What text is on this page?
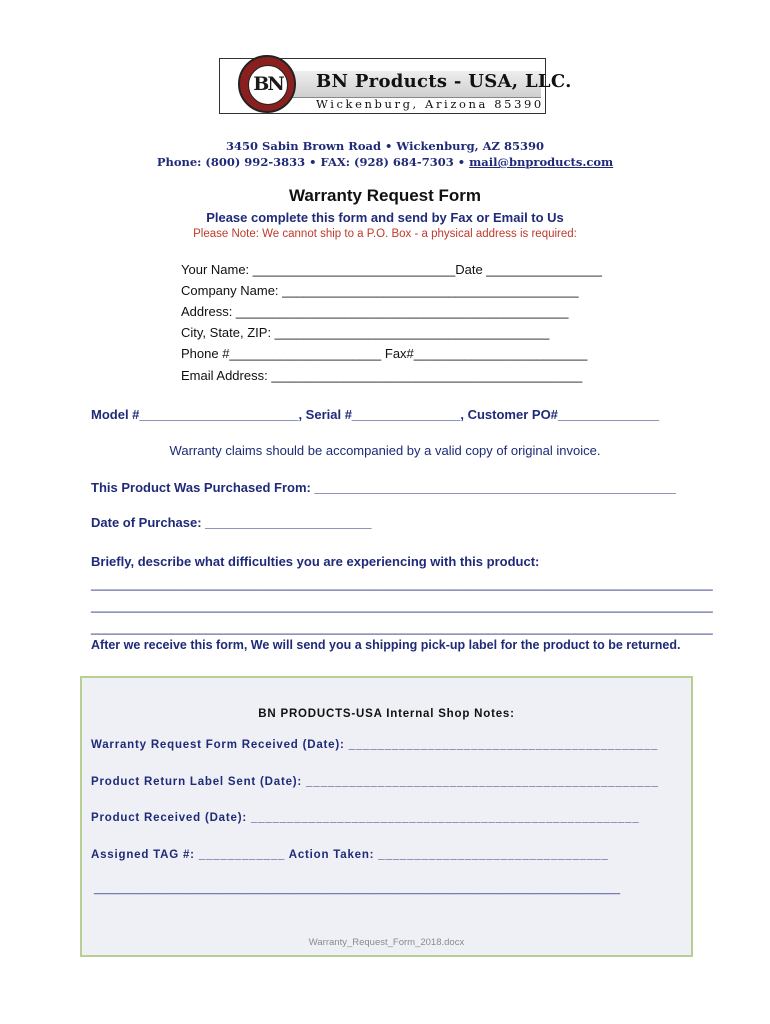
BN BN Products - USA, LLC.
Wickenburg, Arizona 85390
3450 Sabin Brown Road • Wickenburg, AZ 85390
Phone: (800) 992-3833 • FAX: (928) 684-7303 • mail@bnproducts.com
Warranty Request Form
Please complete this form and send by Fax or Email to Us
Please Note: We cannot ship to a P.O. Box - a physical address is required:
Your Name: ____________________________Date ________________
Company Name: _________________________________________
Address: ______________________________________________
City, State, ZIP: ______________________________________
Phone #_____________________ Fax#________________________
Email Address: ___________________________________________
Model #______________________, Serial #_______________, Customer PO#______________
Warranty claims should be accompanied by a valid copy of original invoice.
This Product Was Purchased From: __________________________________________________
Date of Purchase: _______________________
Briefly, describe what difficulties you are experiencing with this product:
______________________________________________________________________________________
______________________________________________________________________________________
______________________________________________________________________________________
After we receive this form, We will send you a shipping pick-up label for the product to be returned.
BN PRODUCTS-USA Internal Shop Notes:
Warranty Request Form Received (Date): ___________________________________________
Product Return Label Sent (Date): _________________________________________________
Product Received (Date): ______________________________________________________
Assigned TAG #: ____________ Action Taken: ________________________________
______________________________________________________________________________________
Warranty_Request_Form_2018.docx
